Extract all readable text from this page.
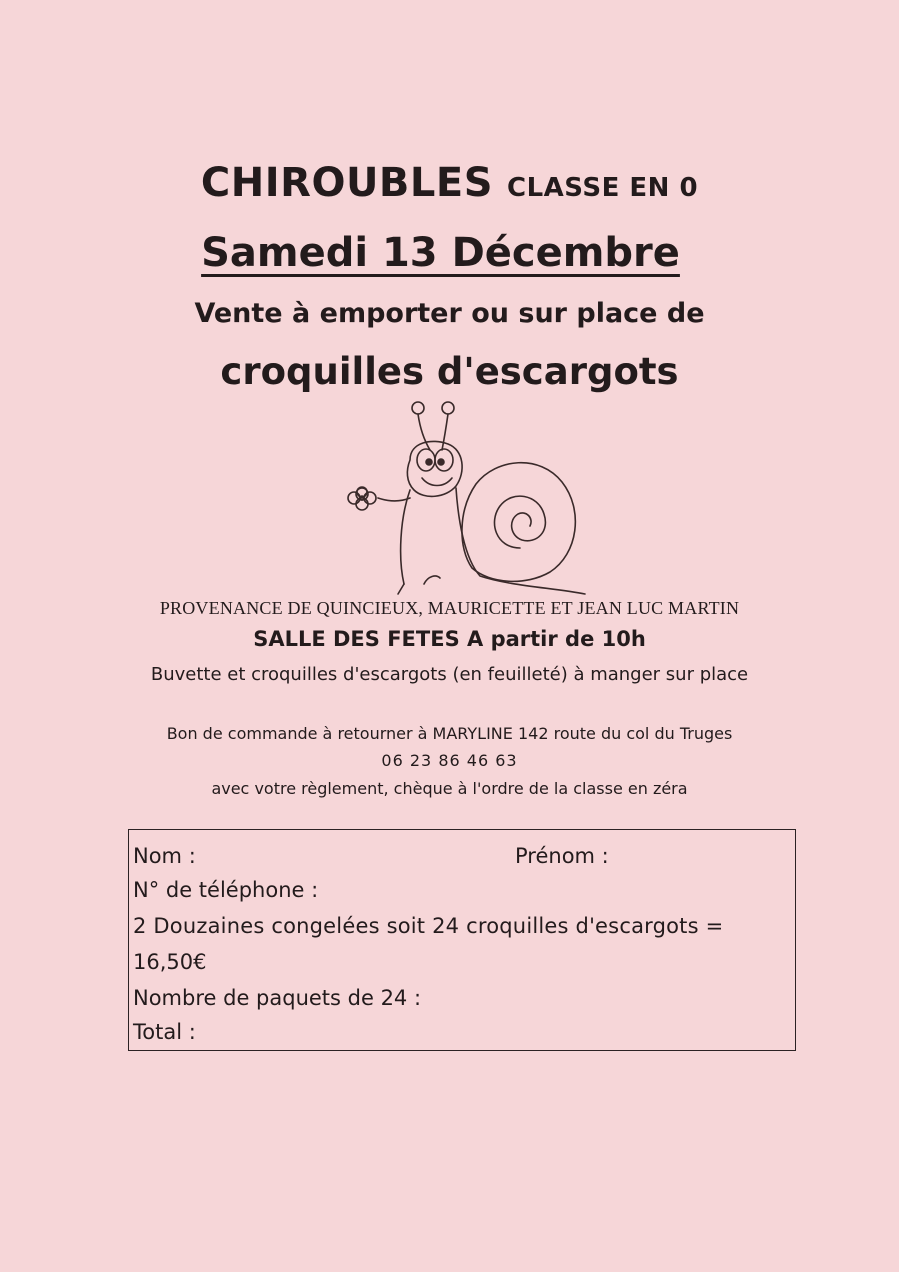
CHIROUBLES CLASSE EN 0
Samedi 13 Décembre
Vente à emporter ou sur place de
croquilles d'escargots
PROVENANCE DE QUINCIEUX, MAURICETTE ET JEAN LUC MARTIN
SALLE DES FETES A partir de 10h
Buvette et croquilles d'escargots (en feuilleté) à manger sur place
Bon de commande à retourner à MARYLINE 142 route du col du Truges
06 23 86 46 63
avec votre règlement, chèque à l'ordre de la classe en zéra
Nom :	Prénom :
N° de téléphone :
2 Douzaines congelées soit 24 croquilles d'escargots =
16,50€
Nombre de paquets de 24 :
Total :
